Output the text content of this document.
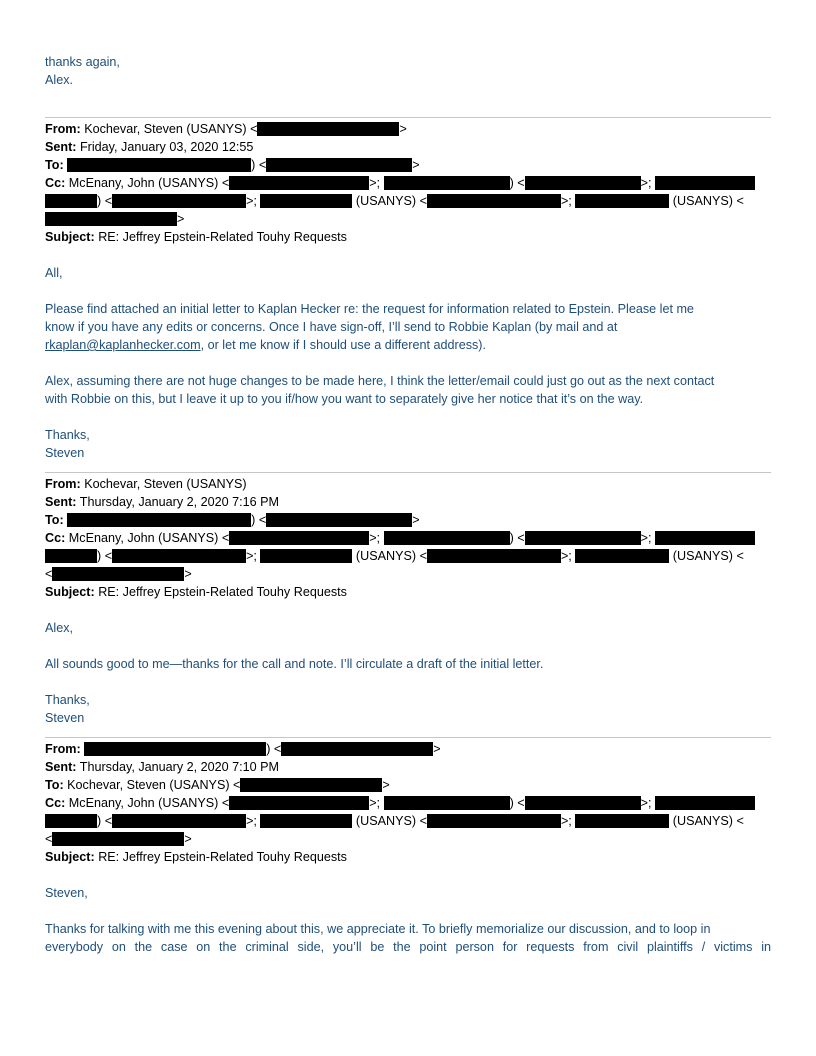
thanks again,
Alex.
From: Kochevar, Steven (USANYS) <	>
Sent: Friday, January 03, 2020 12:55
To:	) <	>
Cc: McEnany, John (USANYS) <	>;	) <	>;
) <	>;	(USANYS) <	>;	(USANYS) <
>
Subject: RE: Jeffrey Epstein-Related Touhy Requests
All,
Please find attached an initial letter to Kaplan Hecker re: the request for information related to Epstein. Please let me
know if you have any edits or concerns. Once I have sign-off, I’ll send to Robbie Kaplan (by mail and at
rkaplan@kaplanhecker.com, or let me know if I should use a different address).
Alex, assuming there are not huge changes to be made here, I think the letter/email could just go out as the next contact
with Robbie on this, but I leave it up to you if/how you want to separately give her notice that it’s on the way.
Thanks,
Steven
From: Kochevar, Steven (USANYS)
Sent: Thursday, January 2, 2020 7:16 PM
To:	) <	>
Cc: McEnany, John (USANYS) <	>;	) <	>;
) <	>;	(USANYS) <	>;	(USANYS) <
<	>
Subject: RE: Jeffrey Epstein-Related Touhy Requests
Alex,
All sounds good to me—thanks for the call and note. I’ll circulate a draft of the initial letter.
Thanks,
Steven
From:	) <	>
Sent: Thursday, January 2, 2020 7:10 PM
To: Kochevar, Steven (USANYS) <	>
Cc: McEnany, John (USANYS) <	>;	) <	>;
) <	>;	(USANYS) <	>;	(USANYS) <
<	>
Subject: RE: Jeffrey Epstein-Related Touhy Requests
Steven,
Thanks for talking with me this evening about this, we appreciate it. To briefly memorialize our discussion, and to loop in
everybody on the case on the criminal side, you’ll be the point person for requests from civil plaintiffs / victims in
